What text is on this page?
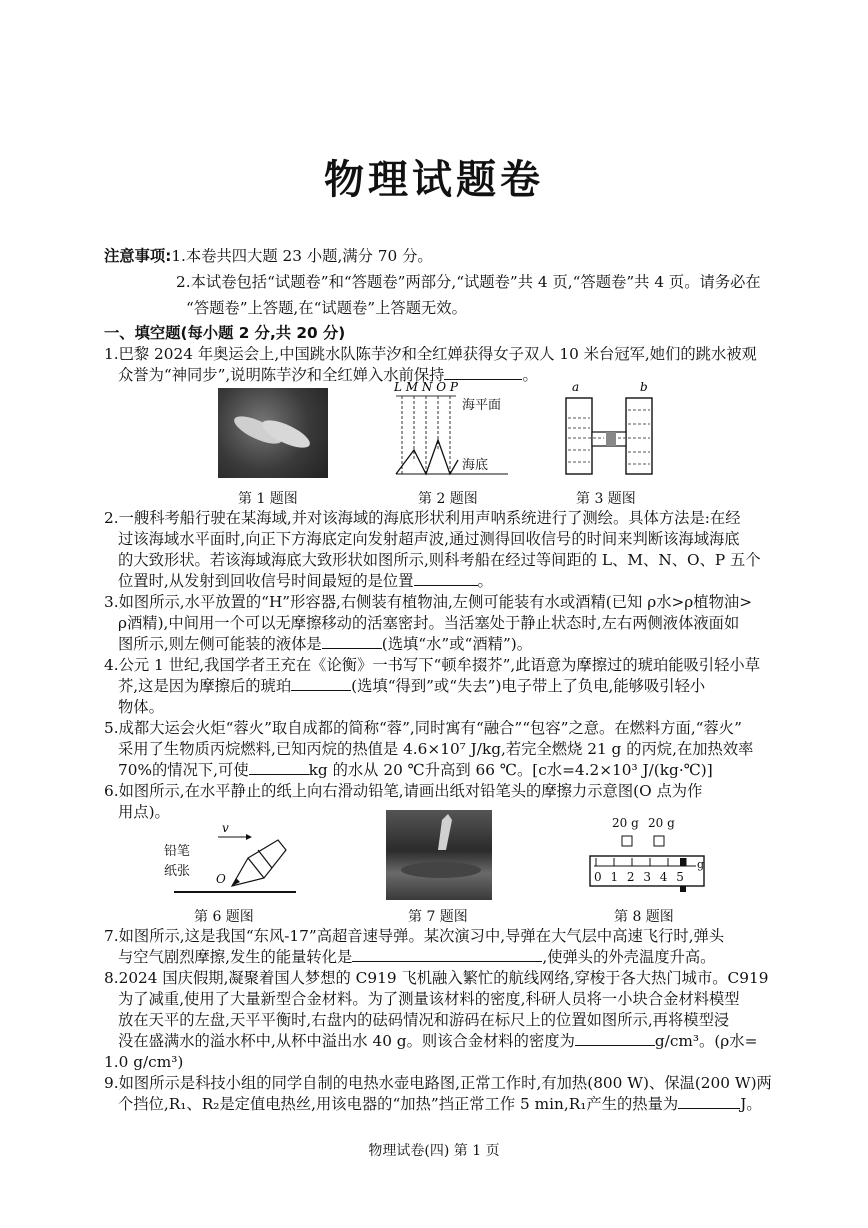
物理试题卷
注意事项:1.本卷共四大题 23 小题,满分 70 分。
2.本试卷包括“试题卷”和“答题卷”两部分,“试题卷”共 4 页,“答题卷”共 4 页。请务必在
“答题卷”上答题,在“试题卷”上答题无效。
一、填空题(每小题 2 分,共 20 分)
1.巴黎 2024 年奥运会上,中国跳水队陈芋汐和全红婵获得女子双人 10 米台冠军,她们的跳水被观
众誉为“神同步”,说明陈芋汐和全红婵入水前保持	。
第 1 题图
L M N O P
海平面
海底
第 2 题图
a	b
第 3 题图
2.一艘科考船行驶在某海域,并对该海域的海底形状利用声呐系统进行了测绘。具体方法是:在经
过该海域水平面时,向正下方海底定向发射超声波,通过测得回收信号的时间来判断该海域海底
的大致形状。若该海域海底大致形状如图所示,则科考船在经过等间距的 L、M、N、O、P 五个
位置时,从发射到回收信号时间最短的是位置	。
3.如图所示,水平放置的“H”形容器,右侧装有植物油,左侧可能装有水或酒精(已知 ρ水>ρ植物油>
ρ酒精),中间用一个可以无摩擦移动的活塞密封。当活塞处于静止状态时,左右两侧液体液面如
图所示,则左侧可能装的液体是	(选填“水”或“酒精”)。
4.公元 1 世纪,我国学者王充在《论衡》一书写下“顿牟掇芥”,此语意为摩擦过的琥珀能吸引轻小草
芥,这是因为摩擦后的琥珀	(选填“得到”或“失去”)电子带上了负电,能够吸引轻小
物体。
5.成都大运会火炬“蓉火”取自成都的简称“蓉”,同时寓有“融合”“包容”之意。在燃料方面,“蓉火”
采用了生物质丙烷燃料,已知丙烷的热值是 4.6×10⁷ J/kg,若完全燃烧 21 g 的丙烷,在加热效率
70%的情况下,可使	kg 的水从 20 ℃升高到 66 ℃。[c水=4.2×10³ J/(kg·℃)]
6.如图所示,在水平静止的纸上向右滑动铅笔,请画出纸对铅笔头的摩擦力示意图(O 点为作
用点)。
v
铅笔
纸张 O
第 6 题图	第 7 题图
20 g 20 g
0 1 2 3 4 5
g
第 8 题图
7.如图所示,这是我国“东风-17”高超音速导弹。某次演习中,导弹在大气层中高速飞行时,弹头
与空气剧烈摩擦,发生的能量转化是	,使弹头的外壳温度升高。
8.2024 国庆假期,凝聚着国人梦想的 C919 飞机融入繁忙的航线网络,穿梭于各大热门城市。C919
为了减重,使用了大量新型合金材料。为了测量该材料的密度,科研人员将一小块合金材料模型
放在天平的左盘,天平平衡时,右盘内的砝码情况和游码在标尺上的位置如图所示,再将模型浸
没在盛满水的溢水杯中,从杯中溢出水 40 g。则该合金材料的密度为	g/cm³。(ρ水=
1.0 g/cm³)
9.如图所示是科技小组的同学自制的电热水壶电路图,正常工作时,有加热(800 W)、保温(200 W)两
个挡位,R₁、R₂是定值电热丝,用该电器的“加热”挡正常工作 5 min,R₁产生的热量为	J。
物理试卷(四) 第 1 页
